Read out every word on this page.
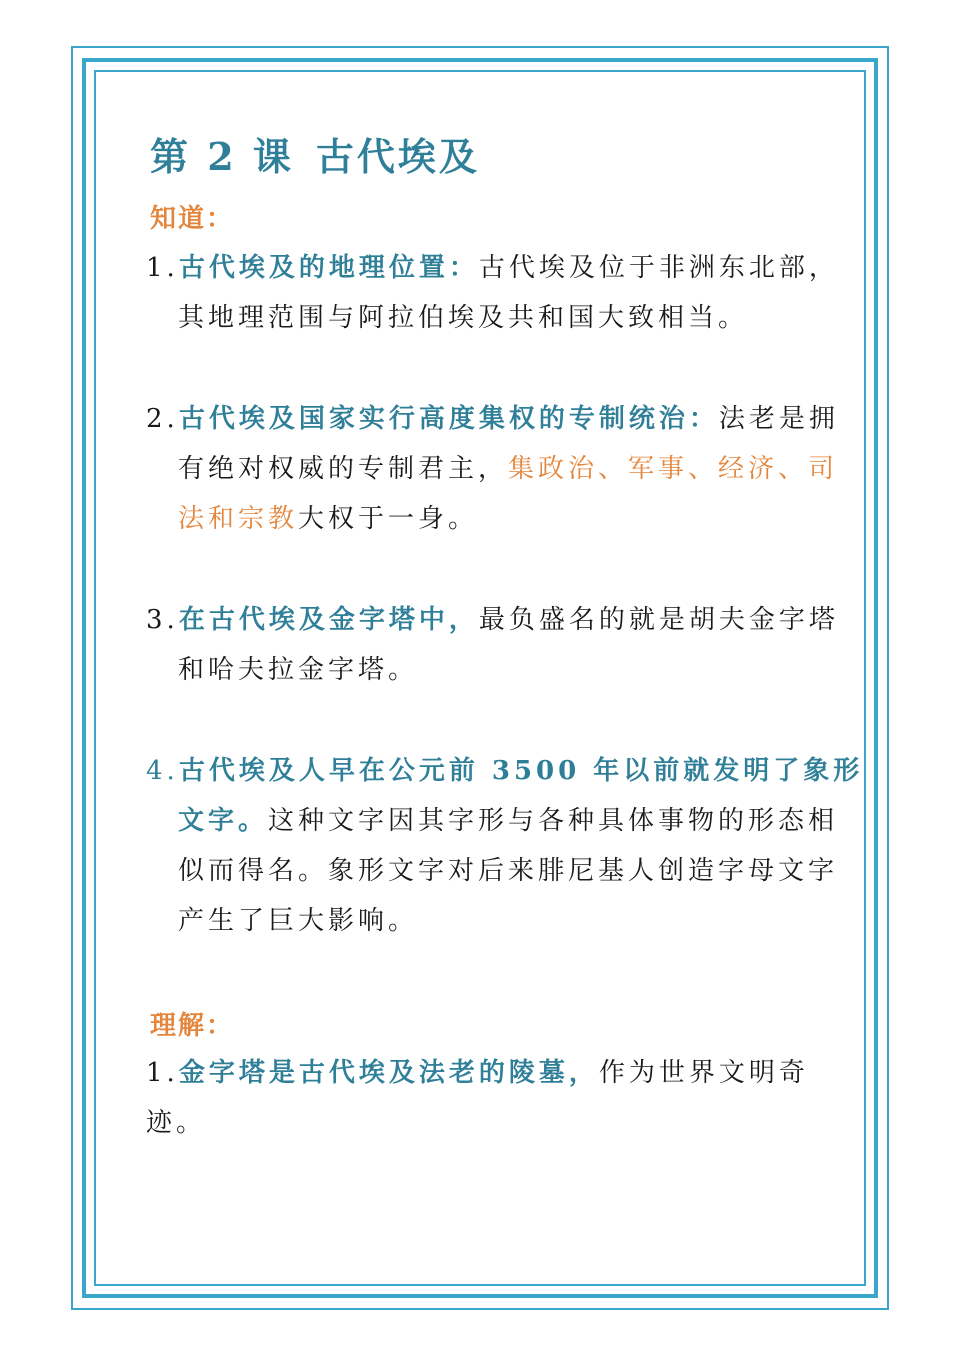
第 2 课 古代埃及

知道：

1.古代埃及的地理位置：古代埃及位于非洲东北部，
其地理范围与阿拉伯埃及共和国大致相当。
2.古代埃及国家实行高度集权的专制统治：法老是拥
有绝对权威的专制君主，集政治、军事、经济、司
法和宗教大权于一身。
3.在古代埃及金字塔中，最负盛名的就是胡夫金字塔
和哈夫拉金字塔。
4.古代埃及人早在公元前 3500 年以前就发明了象形
文字。这种文字因其字形与各种具体事物的形态相
似而得名。象形文字对后来腓尼基人创造字母文字
产生了巨大影响。

理解：

1.金字塔是古代埃及法老的陵墓，作为世界文明奇
迹。
